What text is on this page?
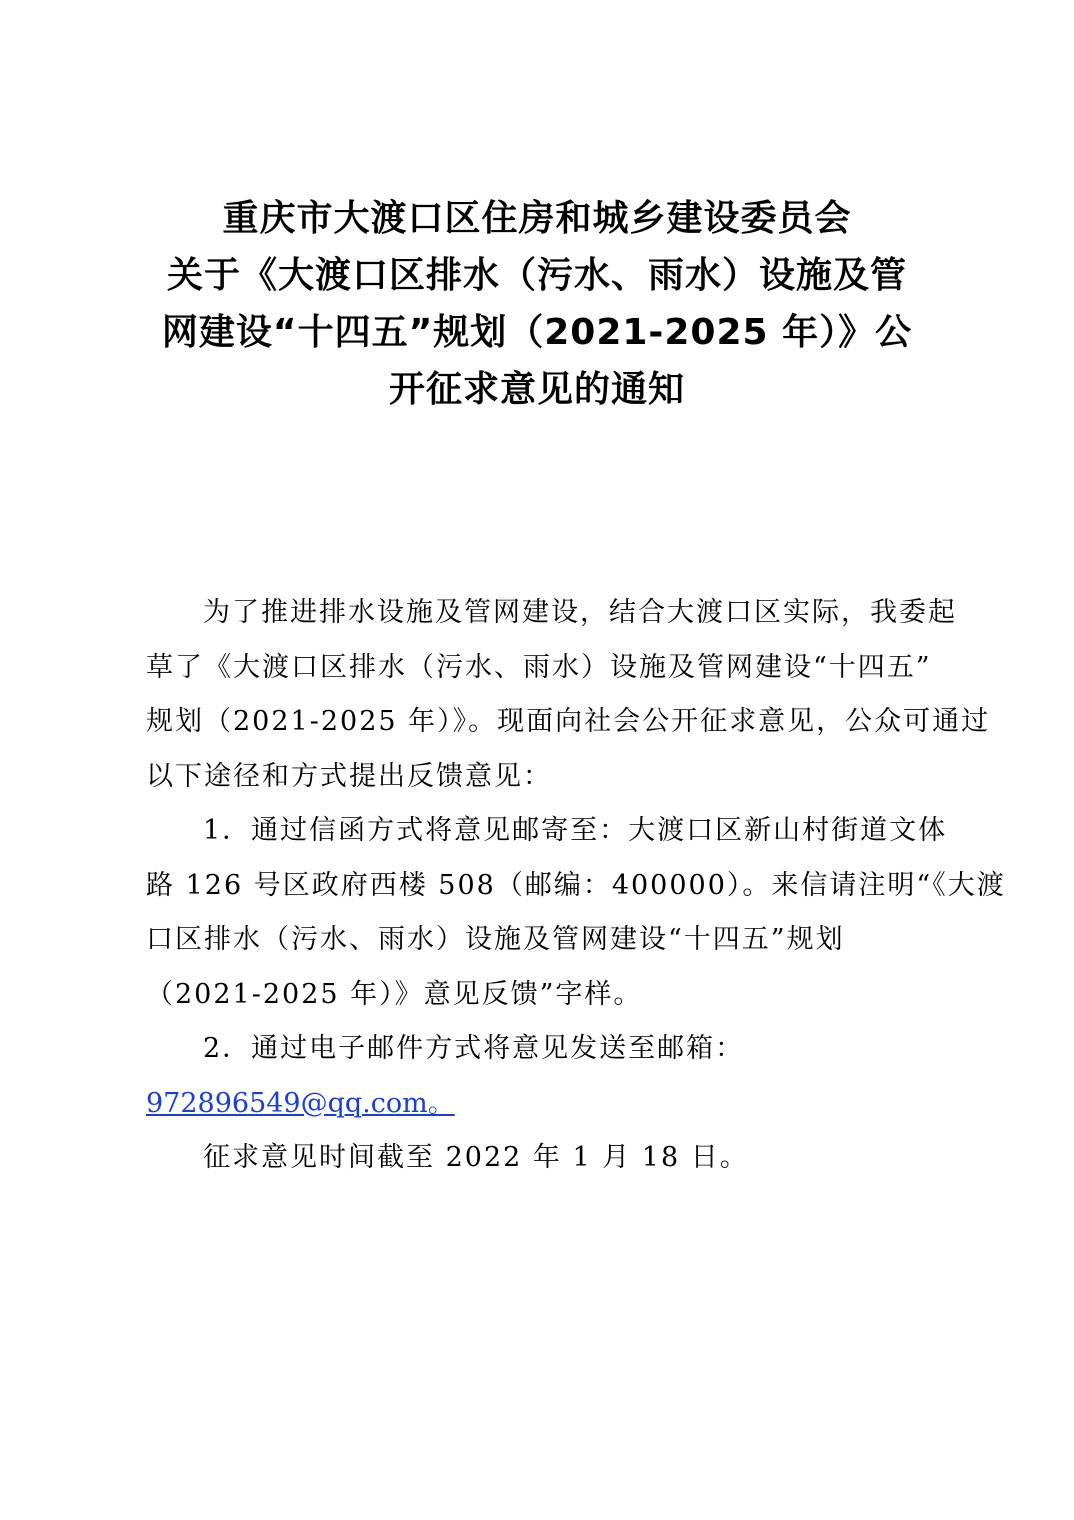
重庆市大渡口区住房和城乡建设委员会
关于《大渡口区排水（污水、雨水）设施及管
网建设“十四五”规划（2021-2025 年）》公
开征求意见的通知
为了推进排水设施及管网建设，结合大渡口区实际，我委起
草了《大渡口区排水（污水、雨水）设施及管网建设“十四五”
规划（2021-2025 年）》。现面向社会公开征求意见，公众可通过
以下途径和方式提出反馈意见：
1．通过信函方式将意见邮寄至：大渡口区新山村街道文体
路 126 号区政府西楼 508（邮编：400000）。来信请注明“《大渡
口区排水（污水、雨水）设施及管网建设“十四五”规划
（2021-2025 年）》意见反馈”字样。
2．通过电子邮件方式将意见发送至邮箱：
972896549@qq.com。
征求意见时间截至 2022 年 1 月 18 日。
